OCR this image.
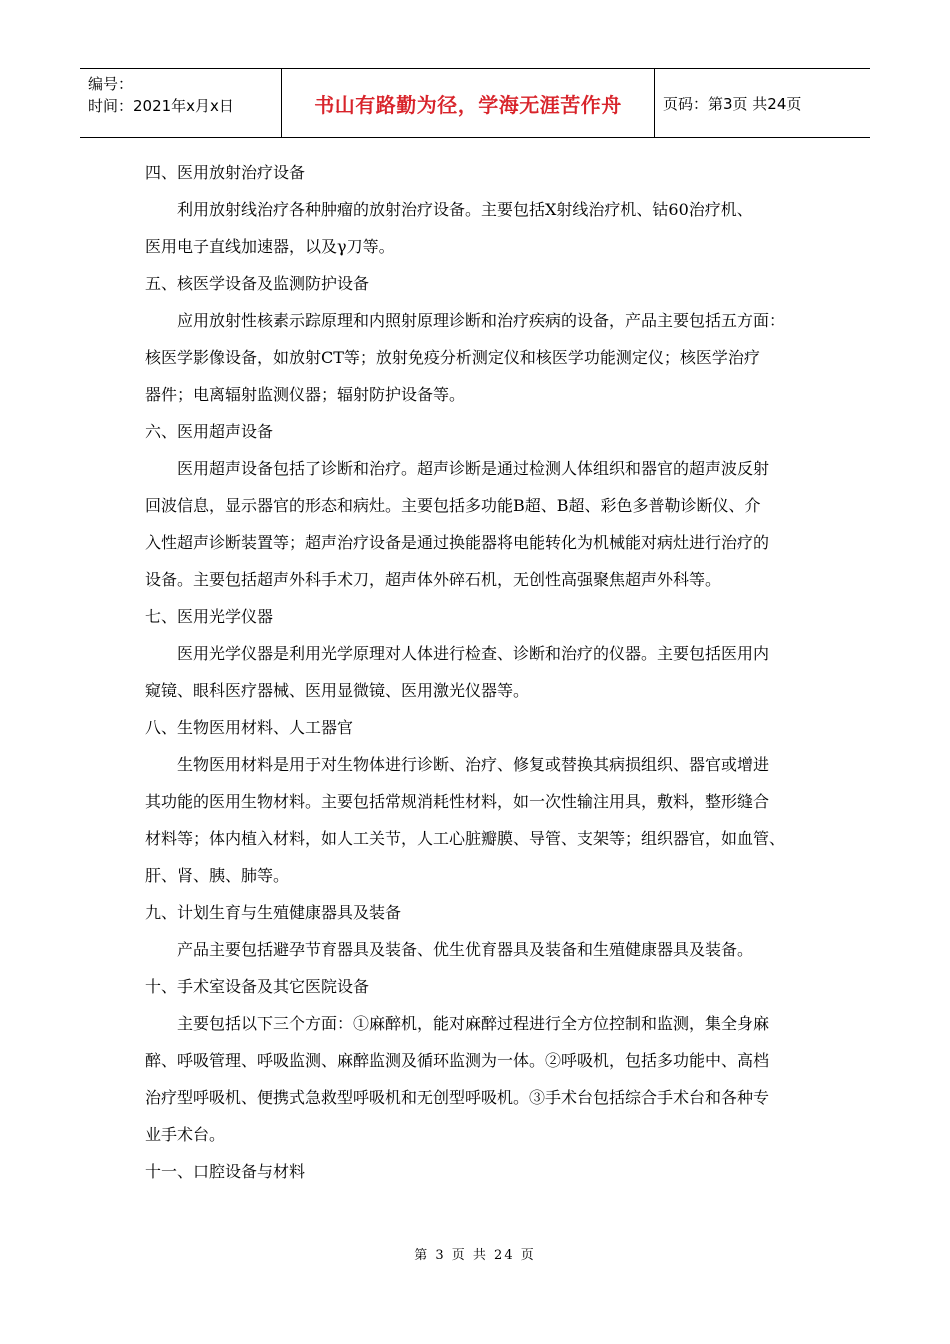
编号：
时间：2021年x月x日	书山有路勤为径，学海无涯苦作舟	页码：第3页 共24页

四、医用放射治疗设备

利用放射线治疗各种肿瘤的放射治疗设备。主要包括X射线治疗机、钴60治疗机、

医用电子直线加速器，以及γ刀等。

五、核医学设备及监测防护设备

应用放射性核素示踪原理和内照射原理诊断和治疗疾病的设备，产品主要包括五方面：

核医学影像设备，如放射CT等；放射免疫分析测定仪和核医学功能测定仪；核医学治疗

器件；电离辐射监测仪器；辐射防护设备等。

六、医用超声设备

医用超声设备包括了诊断和治疗。超声诊断是通过检测人体组织和器官的超声波反射

回波信息，显示器官的形态和病灶。主要包括多功能B超、B超、彩色多普勒诊断仪、介

入性超声诊断装置等；超声治疗设备是通过换能器将电能转化为机械能对病灶进行治疗的

设备。主要包括超声外科手术刀，超声体外碎石机，无创性高强聚焦超声外科等。

七、医用光学仪器

医用光学仪器是利用光学原理对人体进行检查、诊断和治疗的仪器。主要包括医用内

窥镜、眼科医疗器械、医用显微镜、医用激光仪器等。

八、生物医用材料、人工器官

生物医用材料是用于对生物体进行诊断、治疗、修复或替换其病损组织、器官或增进

其功能的医用生物材料。主要包括常规消耗性材料，如一次性输注用具，敷料，整形缝合

材料等；体内植入材料，如人工关节，人工心脏瓣膜、导管、支架等；组织器官，如血管、

肝、肾、胰、肺等。

九、计划生育与生殖健康器具及装备

产品主要包括避孕节育器具及装备、优生优育器具及装备和生殖健康器具及装备。

十、手术室设备及其它医院设备

主要包括以下三个方面：①麻醉机，能对麻醉过程进行全方位控制和监测，集全身麻

醉、呼吸管理、呼吸监测、麻醉监测及循环监测为一体。②呼吸机，包括多功能中、高档

治疗型呼吸机、便携式急救型呼吸机和无创型呼吸机。③手术台包括综合手术台和各种专

业手术台。

十一、口腔设备与材料

第 3 页 共 24 页
